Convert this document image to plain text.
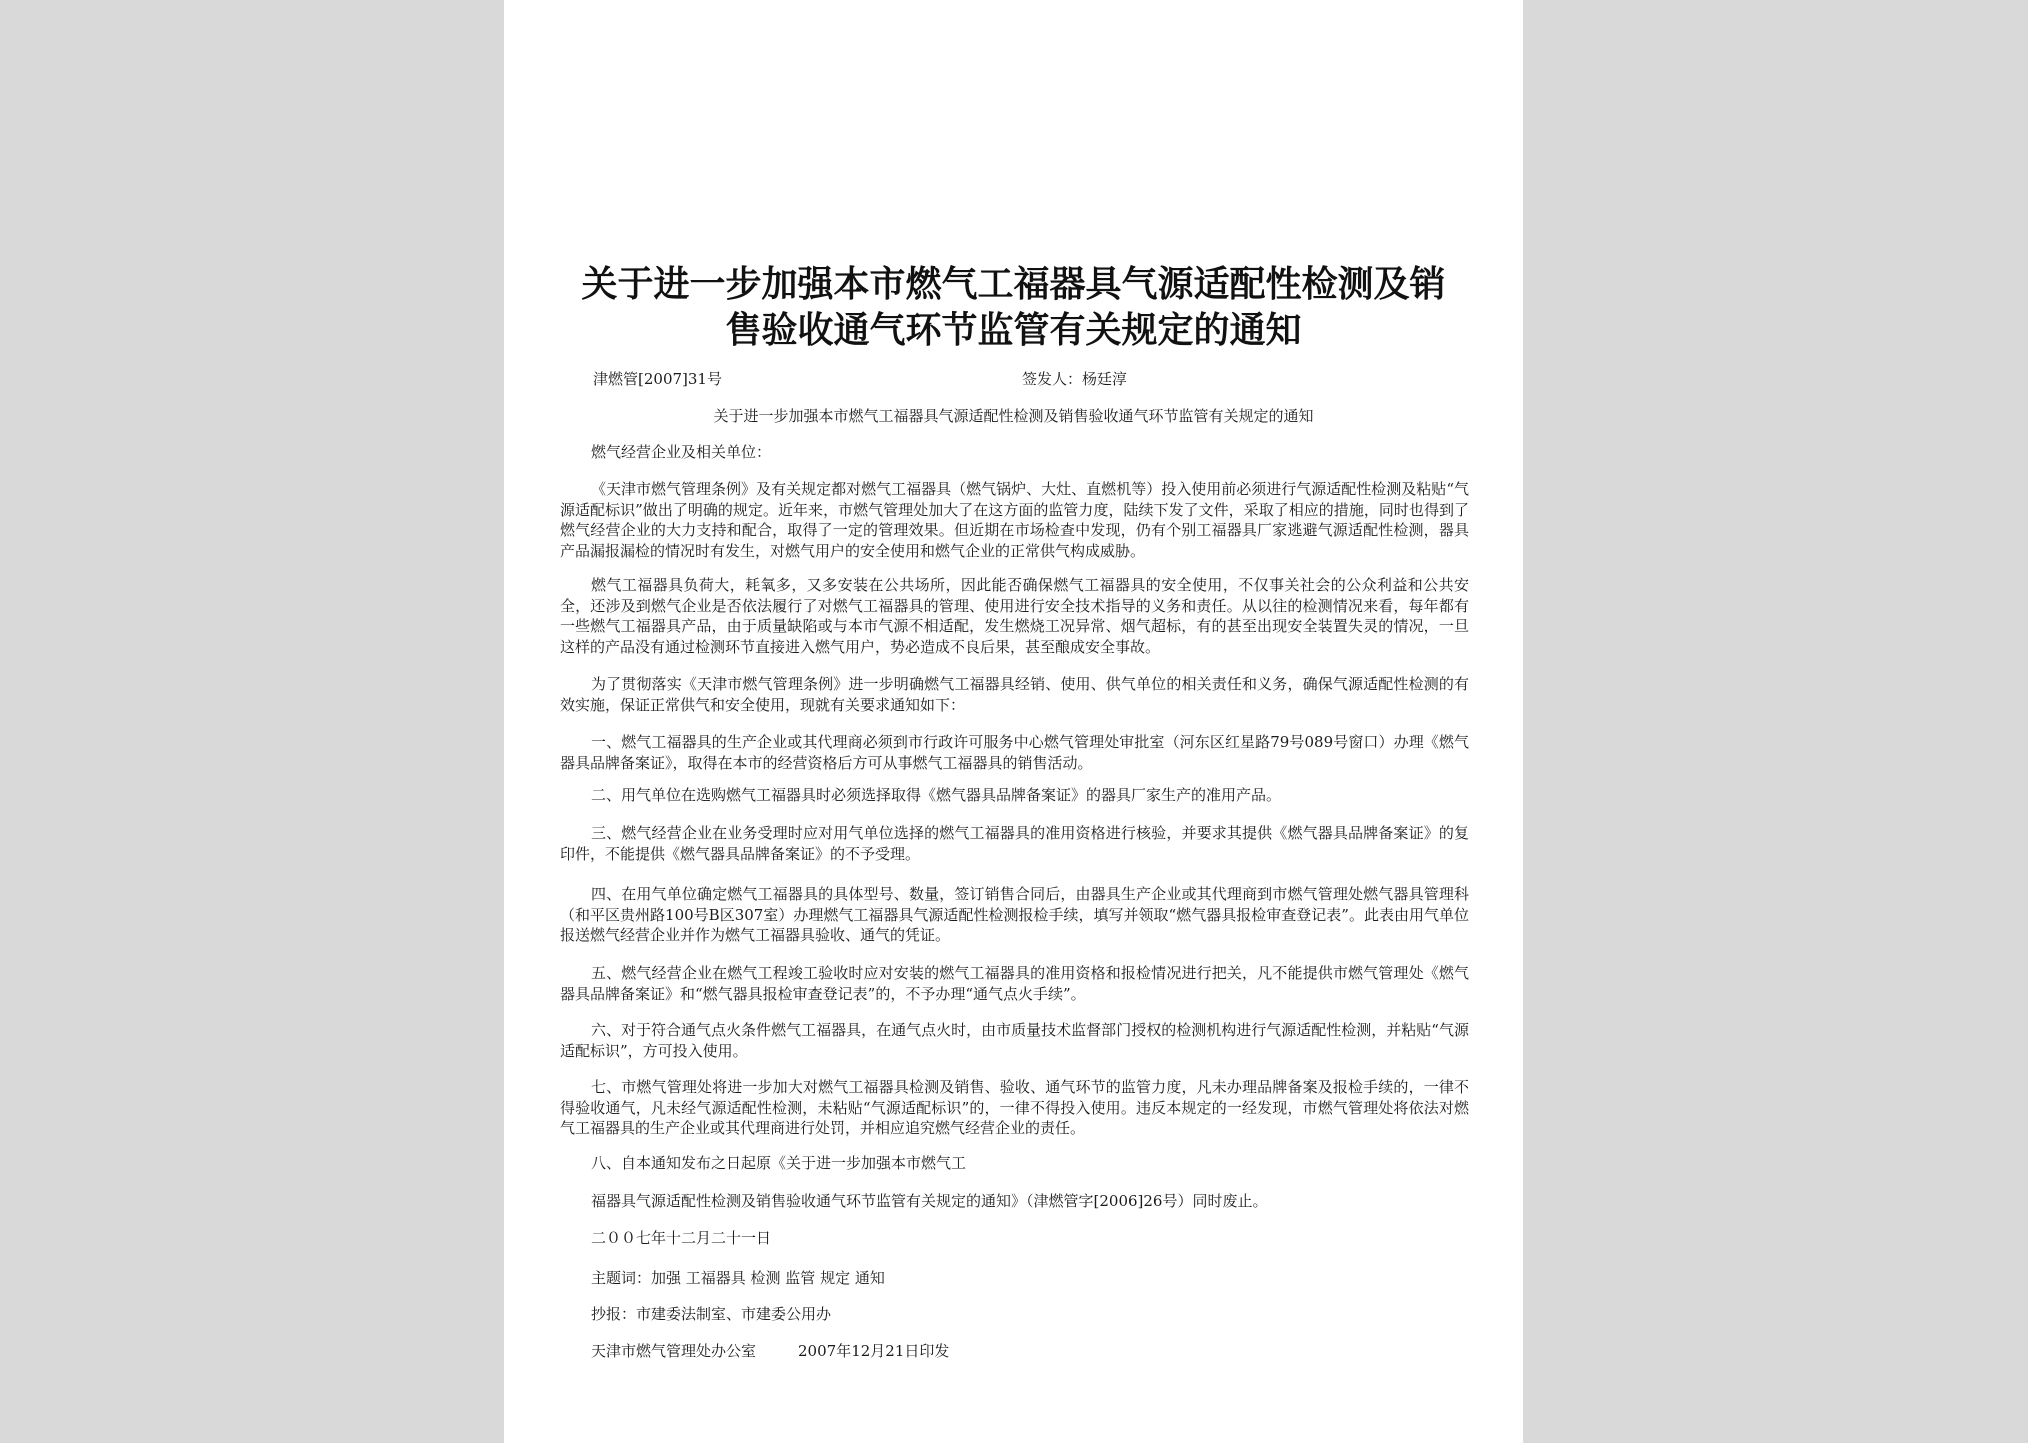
关于进一步加强本市燃气工福器具气源适配性检测及销
售验收通气环节监管有关规定的通知
津燃管[2007]31号	签发人：杨廷淳
关于进一步加强本市燃气工福器具气源适配性检测及销售验收通气环节监管有关规定的通知
燃气经营企业及相关单位：

《天津市燃气管理条例》及有关规定都对燃气工福器具（燃气锅炉、大灶、直燃机等）投入使用前必须进行气源适配性检测及粘贴“气源适配标识”做出了明确的规定。近年来，市燃气管理处加大了在这方面的监管力度，陆续下发了文件，采取了相应的措施，同时也得到了燃气经营企业的大力支持和配合，取得了一定的管理效果。但近期在市场检查中发现，仍有个别工福器具厂家逃避气源适配性检测，器具产品漏报漏检的情况时有发生，对燃气用户的安全使用和燃气企业的正常供气构成威胁。

燃气工福器具负荷大，耗氧多，又多安装在公共场所，因此能否确保燃气工福器具的安全使用，不仅事关社会的公众利益和公共安全，还涉及到燃气企业是否依法履行了对燃气工福器具的管理、使用进行安全技术指导的义务和责任。从以往的检测情况来看，每年都有一些燃气工福器具产品，由于质量缺陷或与本市气源不相适配，发生燃烧工况异常、烟气超标，有的甚至出现安全装置失灵的情况，一旦这样的产品没有通过检测环节直接进入燃气用户，势必造成不良后果，甚至酿成安全事故。

为了贯彻落实《天津市燃气管理条例》进一步明确燃气工福器具经销、使用、供气单位的相关责任和义务，确保气源适配性检测的有效实施，保证正常供气和安全使用，现就有关要求通知如下：

一、燃气工福器具的生产企业或其代理商必须到市行政许可服务中心燃气管理处审批室（河东区红星路79号089号窗口）办理《燃气器具品牌备案证》，取得在本市的经营资格后方可从事燃气工福器具的销售活动。

二、用气单位在选购燃气工福器具时必须选择取得《燃气器具品牌备案证》的器具厂家生产的准用产品。

三、燃气经营企业在业务受理时应对用气单位选择的燃气工福器具的准用资格进行核验，并要求其提供《燃气器具品牌备案证》的复印件，不能提供《燃气器具品牌备案证》的不予受理。

四、在用气单位确定燃气工福器具的具体型号、数量，签订销售合同后，由器具生产企业或其代理商到市燃气管理处燃气器具管理科（和平区贵州路100号B区307室）办理燃气工福器具气源适配性检测报检手续，填写并领取“燃气器具报检审查登记表”。此表由用气单位报送燃气经营企业并作为燃气工福器具验收、通气的凭证。

五、燃气经营企业在燃气工程竣工验收时应对安装的燃气工福器具的准用资格和报检情况进行把关，凡不能提供市燃气管理处《燃气器具品牌备案证》和“燃气器具报检审查登记表”的，不予办理“通气点火手续”。

六、对于符合通气点火条件燃气工福器具，在通气点火时，由市质量技术监督部门授权的检测机构进行气源适配性检测，并粘贴“气源适配标识”，方可投入使用。

七、市燃气管理处将进一步加大对燃气工福器具检测及销售、验收、通气环节的监管力度，凡未办理品牌备案及报检手续的，一律不得验收通气，凡未经气源适配性检测，未粘贴“气源适配标识”的，一律不得投入使用。违反本规定的一经发现，市燃气管理处将依法对燃气工福器具的生产企业或其代理商进行处罚，并相应追究燃气经营企业的责任。

八、自本通知发布之日起原《关于进一步加强本市燃气工

福器具气源适配性检测及销售验收通气环节监管有关规定的通知》（津燃管字[2006]26号）同时废止。
二００七年十二月二十一日
主题词：加强 工福器具 检测 监管 规定 通知
抄报：市建委法制室、市建委公用办
天津市燃气管理处办公室	2007年12月21日印发
